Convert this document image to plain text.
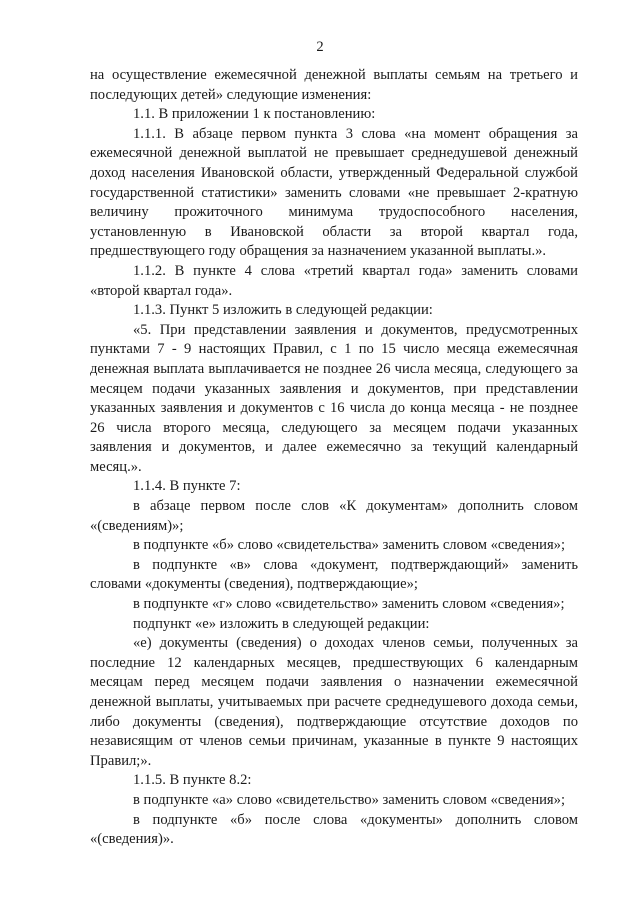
2

на осуществление ежемесячной денежной выплаты семьям на третьего и последующих детей» следующие изменения:

1.1. В приложении 1 к постановлению:

1.1.1. В абзаце первом пункта 3 слова «на момент обращения за ежемесячной денежной выплатой не превышает среднедушевой денежный доход населения Ивановской области, утвержденный Федеральной службой государственной статистики» заменить словами «не превышает 2-кратную величину прожиточного минимума трудоспособного населения, установленную в Ивановской области за второй квартал года, предшествующего году обращения за назначением указанной выплаты.».

1.1.2. В пункте 4 слова «третий квартал года» заменить словами «второй квартал года».

1.1.3. Пункт 5 изложить в следующей редакции:

«5. При представлении заявления и документов, предусмотренных пунктами 7 - 9 настоящих Правил, с 1 по 15 число месяца ежемесячная денежная выплата выплачивается не позднее 26 числа месяца, следующего за месяцем подачи указанных заявления и документов, при представлении указанных заявления и документов с 16 числа до конца месяца - не позднее 26 числа второго месяца, следующего за месяцем подачи указанных заявления и документов, и далее ежемесячно за текущий календарный месяц.».

1.1.4. В пункте 7:

в абзаце первом после слов «К документам» дополнить словом «(сведениям)»;

в подпункте «б» слово «свидетельства» заменить словом «сведения»;

в подпункте «в» слова «документ, подтверждающий» заменить словами «документы (сведения), подтверждающие»;

в подпункте «г» слово «свидетельство» заменить словом «сведения»;

подпункт «е» изложить в следующей редакции:

«е) документы (сведения) о доходах членов семьи, полученных за последние 12 календарных месяцев, предшествующих 6 календарным месяцам перед месяцем подачи заявления о назначении ежемесячной денежной выплаты, учитываемых при расчете среднедушевого дохода семьи, либо документы (сведения), подтверждающие отсутствие доходов по независящим от членов семьи причинам, указанные в пункте 9 настоящих Правил;».

1.1.5. В пункте 8.2:

в подпункте «а» слово «свидетельство» заменить словом «сведения»;

в подпункте «б» после слова «документы» дополнить словом «(сведения)».
